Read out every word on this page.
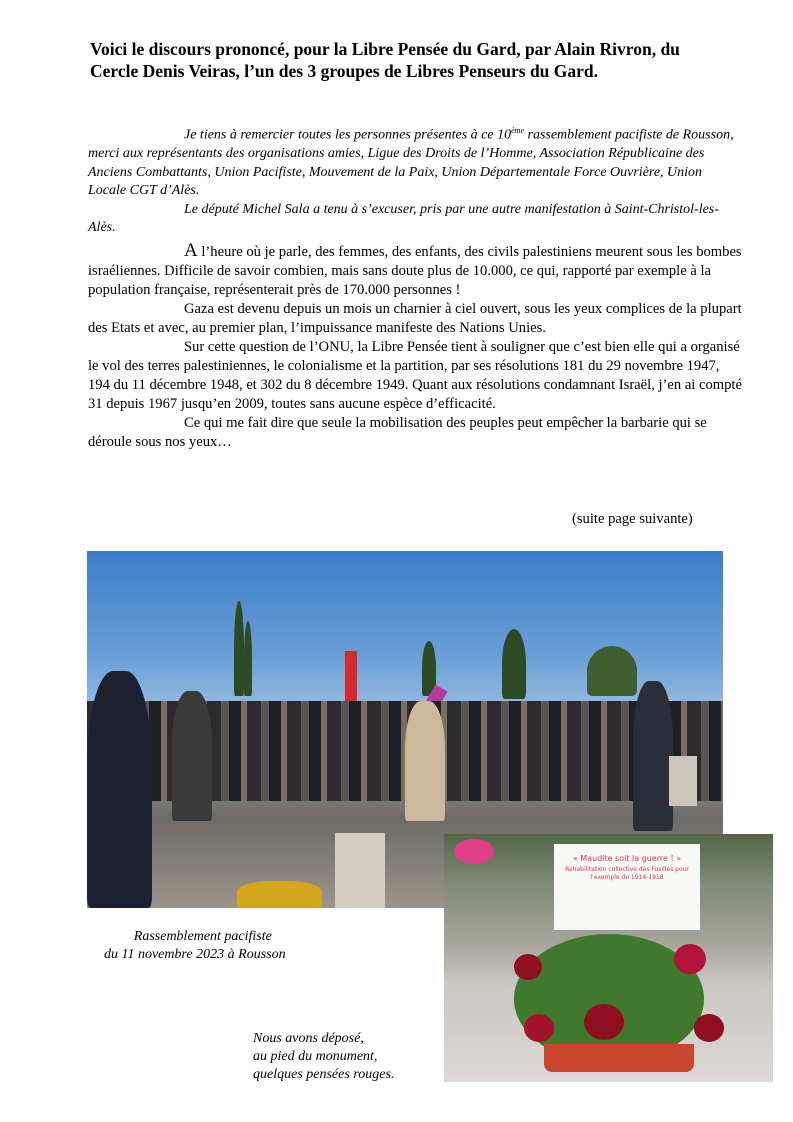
Voici le discours prononcé, pour la Libre Pensée du Gard, par Alain Rivron, du Cercle Denis Veiras, l’un des 3 groupes de Libres Penseurs du Gard.

Je tiens à remercier toutes les personnes présentes à ce 10ème rassemblement pacifiste de Rousson, merci aux représentants des organisations amies, Ligue des Droits de l’Homme, Association Républicaine des Anciens Combattants, Union Pacifiste, Mouvement de la Paix, Union Départementale Force Ouvrière, Union Locale CGT d’Alès.

Le député Michel Sala a tenu à s’excuser, pris par une autre manifestation à Saint-Christol-les-Alès.

A l’heure où je parle, des femmes, des enfants, des civils palestiniens meurent sous les bombes israéliennes. Difficile de savoir combien, mais sans doute plus de 10.000, ce qui, rapporté par exemple à la population française, représenterait près de 170.000 personnes !

Gaza est devenu depuis un mois un charnier à ciel ouvert, sous les yeux complices de la plupart des Etats et avec, au premier plan, l’impuissance manifeste des Nations Unies.

Sur cette question de l’ONU, la Libre Pensée tient à souligner que c’est bien elle qui a organisé le vol des terres palestiniennes, le colonialisme et la partition, par ses résolutions 181 du 29 novembre 1947, 194 du 11 décembre 1948, et 302 du 8 décembre 1949. Quant aux résolutions condamnant Israël, j’en ai compté 31 depuis 1967 jusqu’en 2009, toutes sans aucune espèce d’efficacité.

Ce qui me fait dire que seule la mobilisation des peuples peut empêcher la barbarie qui se déroule sous nos yeux…

(suite page suivante)
« Maudite soit la guerre ! »
Réhabilitation collective des Fusillés pour l’exemple de 1914-1918
Rassemblement pacifiste
du 11 novembre 2023 à Rousson
Nous avons déposé,
au pied du monument,
quelques pensées rouges.
